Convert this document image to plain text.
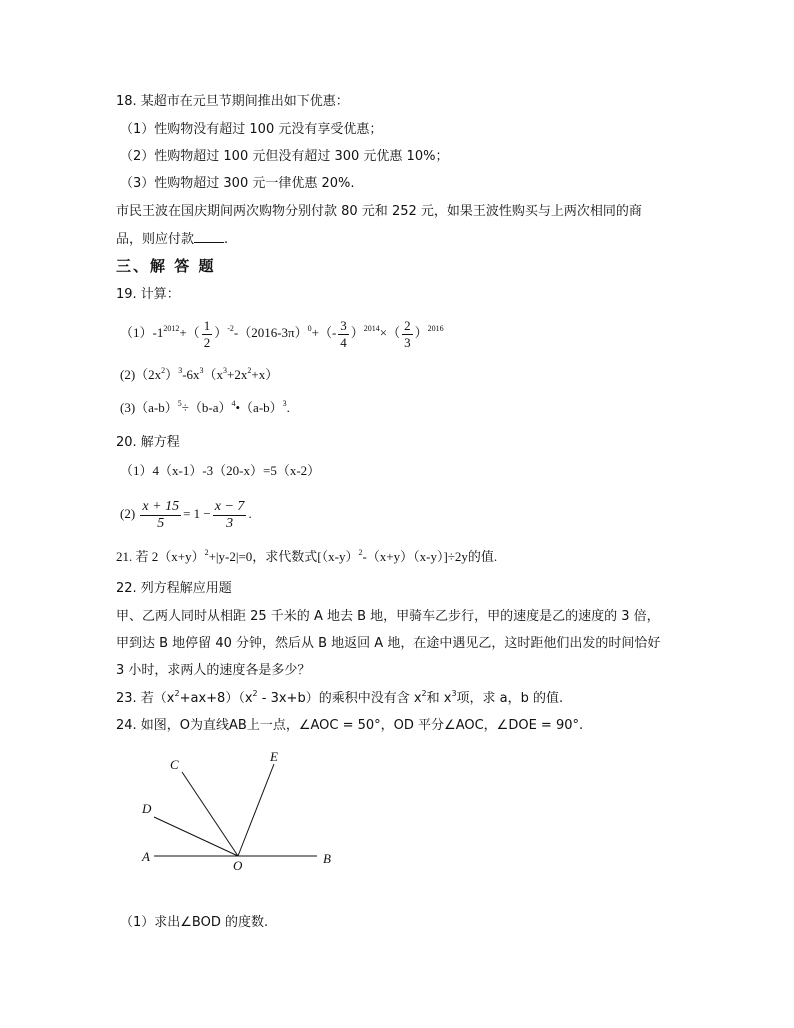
18. 某超市在元旦节期间推出如下优惠：
（1）性购物没有超过 100 元没有享受优惠；
（2）性购物超过 100 元但没有超过 300 元优惠 10%；
（3）性购物超过 300 元一律优惠 20%.
市民王波在国庆期间两次购物分别付款 80 元和 252 元，如果王波性购买与上两次相同的商
品，则应付款 .
三、解 答 题
19. 计算：
$(1)-1^{2012}+( \frac{1}{2} )^{-2}-(2016-3\pi)^0+(- \frac{3}{4} )^{2014}\times( \frac{2}{3} )^{2016}$
$(2)(2x^2)^3-6x^3(x^3+2x^2+x)$
$(3)(a-b)^5\div(b-a)^4•(a-b)^3$.
20. 解方程
（1）4（x-1）-3（20-x）=5（x-2）
$(2) \frac{x + 15}{5} = 1 - \frac{x - 7}{3}$ .
21. 若 $2(x+y)^2+|y-2|=0$，求代数式$[(x-y)^2-(x+y)(x-y)]\div 2y$的值.
22. 列方程解应用题
甲、乙两人同时从相距 25 千米的 A 地去 B 地，甲骑车乙步行，甲的速度是乙的速度的 3 倍，
甲到达 B 地停留 40 分钟，然后从 B 地返回 A 地，在途中遇见乙，这时距他们出发的时间恰好
3 小时，求两人的速度各是多少？
23. 若$(x^2+ax+8)(x^2 - 3x+b)$的乘积中没有含 $x^2$和 $x^3$项，求 a，b 的值.
24. 如图，O为直线AB上一点，∠AOC = 50°，OD 平分∠AOC，∠DOE = 90°.
C
D
E
A
O	B
（1）求出∠BOD 的度数.
